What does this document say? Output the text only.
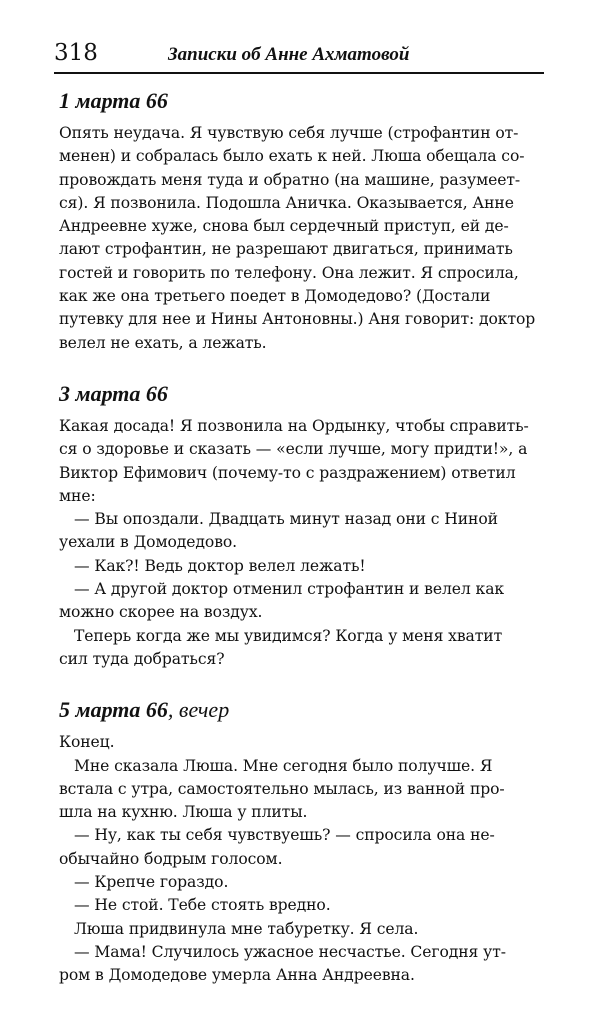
318	Записки об Анне Ахматовой
1 марта 66
Опять неудача. Я чувствую себя лучше (строфантин от-
менен) и собралась было ехать к ней. Люша обещала со-
провождать меня туда и обратно (на машине, разумеет-
ся). Я позвонила. Подошла Аничка. Оказывается, Анне
Андреевне хуже, снова был сердечный приступ, ей де-
лают строфантин, не разрешают двигаться, принимать
гостей и говорить по телефону. Она лежит. Я спросила,
как же она третьего поедет в Домодедово? (Достали
путевку для нее и Нины Антоновны.) Аня говорит: доктор
велел не ехать, а лежать.
3 марта 66
Какая досада! Я позвонила на Ордынку, чтобы справить-
ся о здоровье и сказать — «если лучше, могу придти!», а
Виктор Ефимович (почему-то с раздражением) ответил
мне:
— Вы опоздали. Двадцать минут назад они с Ниной
уехали в Домодедово.
— Как?! Ведь доктор велел лежать!
— А другой доктор отменил строфантин и велел как
можно скорее на воздух.
Теперь когда же мы увидимся? Когда у меня хватит
сил туда добраться?
5 марта 66, вечер
Конец.
Мне сказала Люша. Мне сегодня было получше. Я
встала с утра, самостоятельно мылась, из ванной про-
шла на кухню. Люша у плиты.
— Ну, как ты себя чувствуешь? — спросила она не-
обычайно бодрым голосом.
— Крепче гораздо.
— Не стой. Тебе стоять вредно.
Люша придвинула мне табуретку. Я села.
— Мама! Случилось ужасное несчастье. Сегодня ут-
ром в Домодедове умерла Анна Андреевна.
